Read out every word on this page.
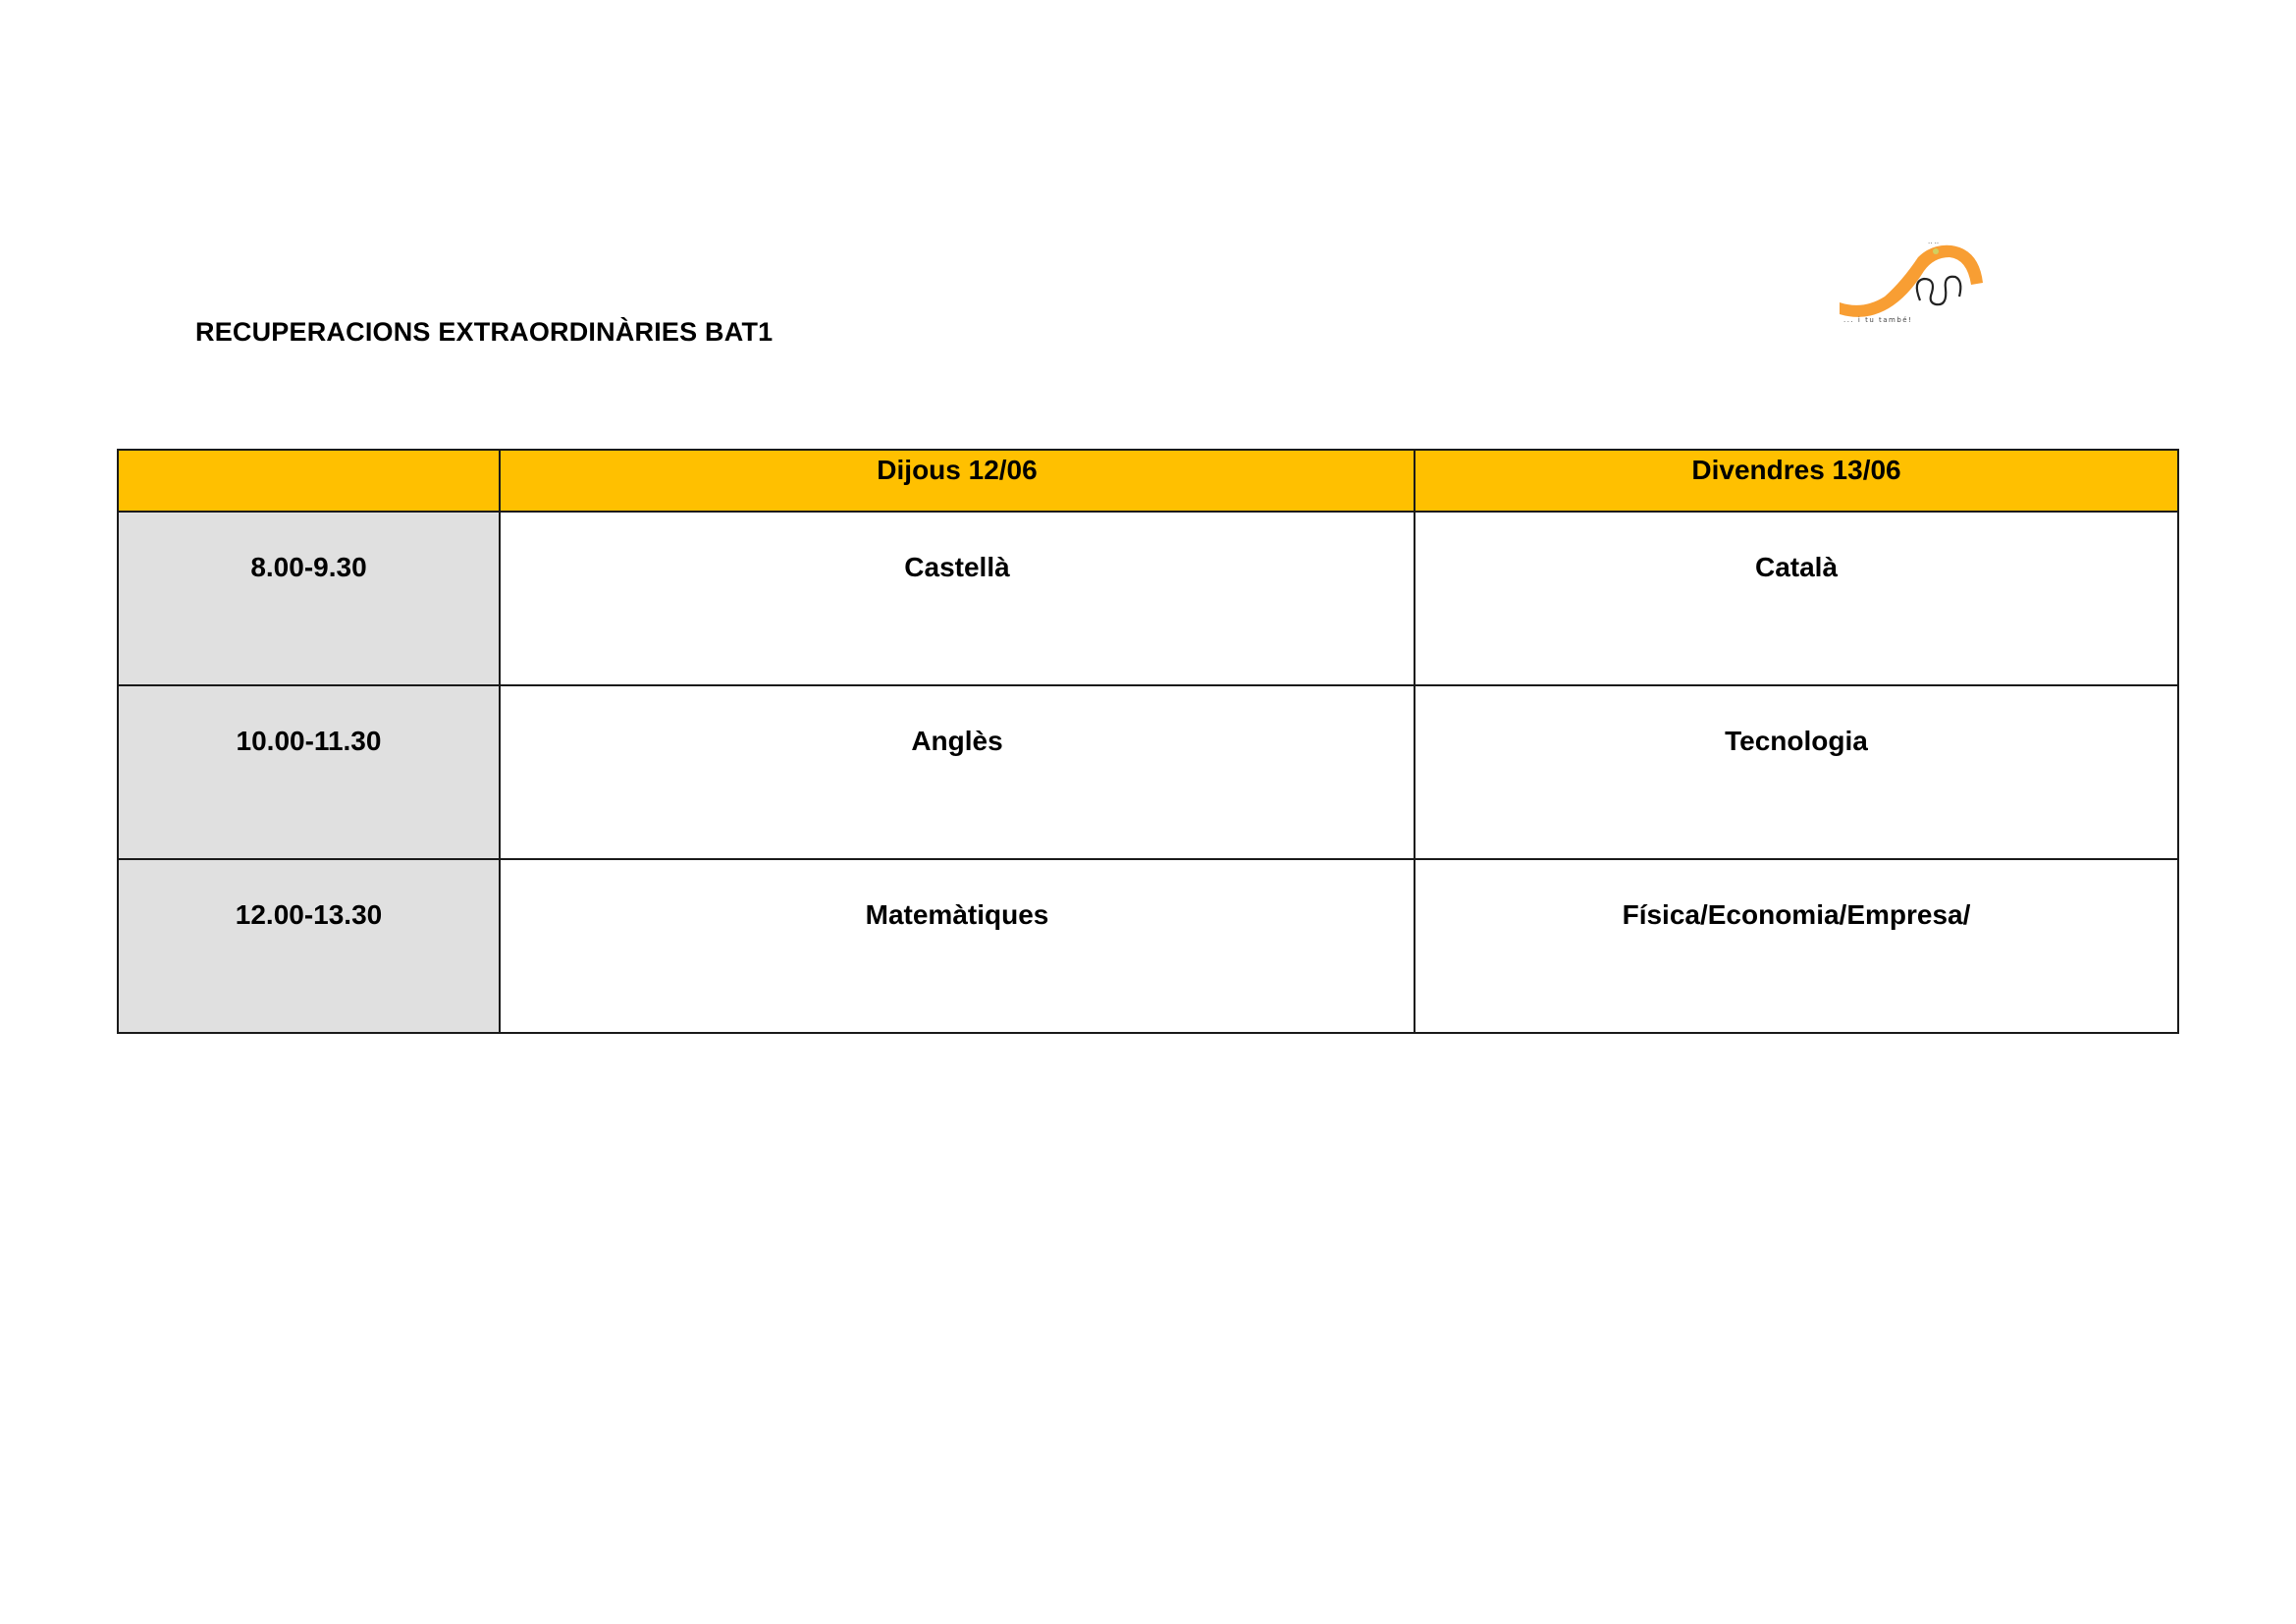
RECUPERACIONS EXTRAORDINÀRIES BAT1
·· ··
... i tu també!
	Dijous 12/06	Divendres 13/06
8.00-9.30	Castellà	Català
10.00-11.30	Anglès	Tecnologia
12.00-13.30	Matemàtiques	Física/Economia/Empresa/
